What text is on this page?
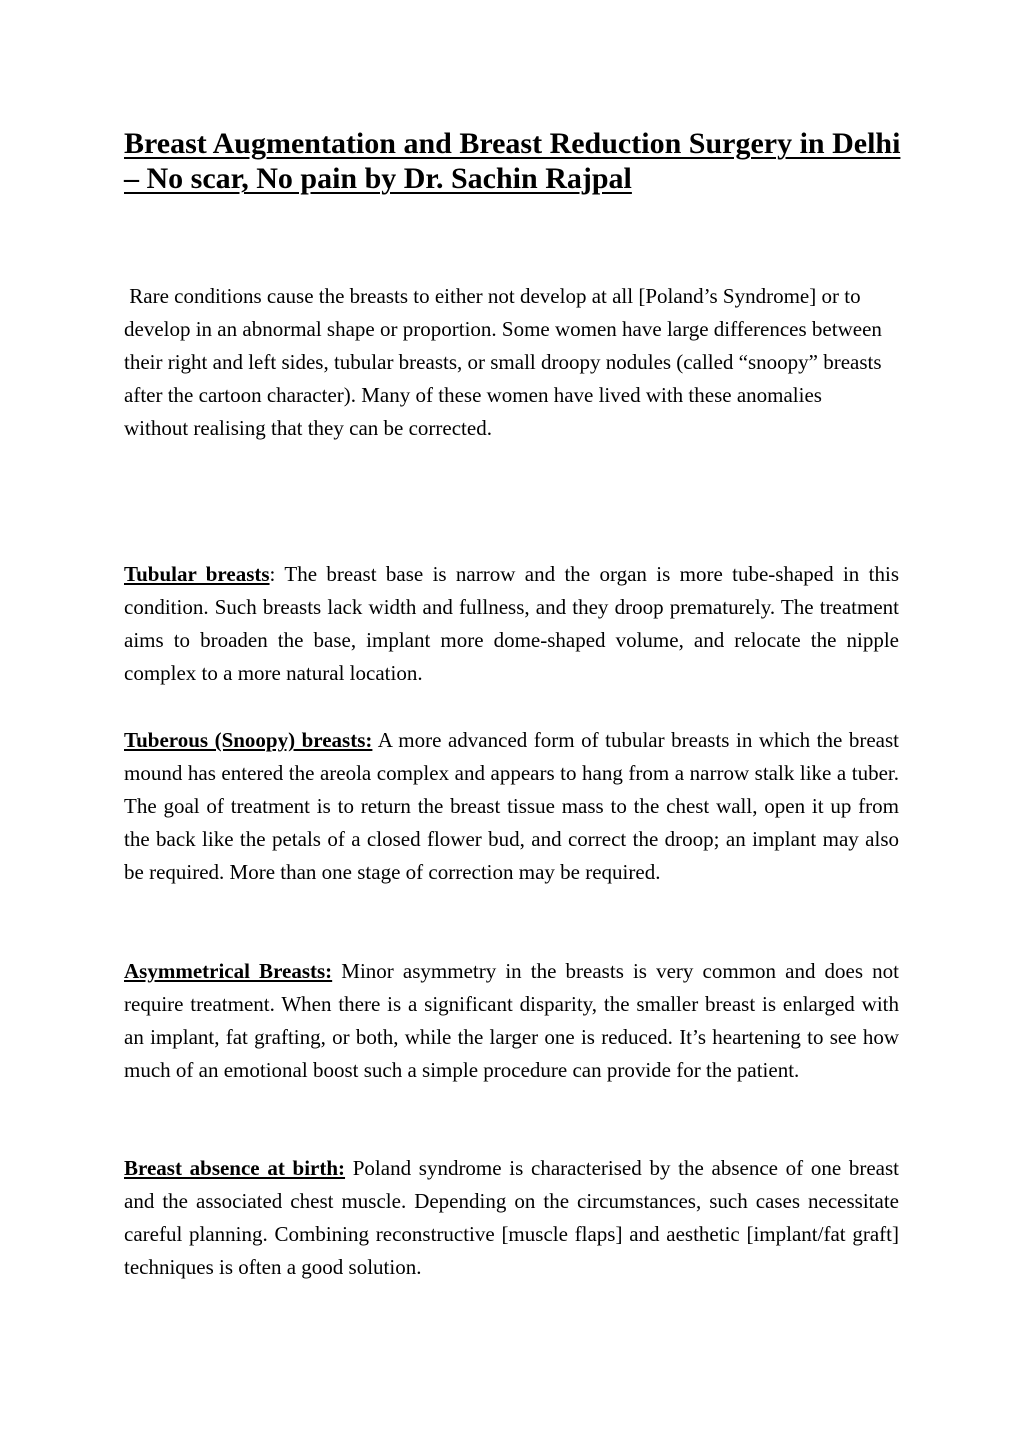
Breast Augmentation and Breast Reduction Surgery in Delhi – No scar, No pain by Dr. Sachin Rajpal

Rare conditions cause the breasts to either not develop at all [Poland’s Syndrome] or to develop in an abnormal shape or proportion. Some women have large differences between their right and left sides, tubular breasts, or small droopy nodules (called “snoopy” breasts after the cartoon character). Many of these women have lived with these anomalies without realising that they can be corrected.

Tubular breasts: The breast base is narrow and the organ is more tube-shaped in this condition. Such breasts lack width and fullness, and they droop prematurely. The treatment aims to broaden the base, implant more dome-shaped volume, and relocate the nipple complex to a more natural location.

Tuberous (Snoopy) breasts: A more advanced form of tubular breasts in which the breast mound has entered the areola complex and appears to hang from a narrow stalk like a tuber. The goal of treatment is to return the breast tissue mass to the chest wall, open it up from the back like the petals of a closed flower bud, and correct the droop; an implant may also be required. More than one stage of correction may be required.

Asymmetrical Breasts: Minor asymmetry in the breasts is very common and does not require treatment. When there is a significant disparity, the smaller breast is enlarged with an implant, fat grafting, or both, while the larger one is reduced. It’s heartening to see how much of an emotional boost such a simple procedure can provide for the patient.

Breast absence at birth: Poland syndrome is characterised by the absence of one breast and the associated chest muscle. Depending on the circumstances, such cases necessitate careful planning. Combining reconstructive [muscle flaps] and aesthetic [implant/fat graft] techniques is often a good solution.
